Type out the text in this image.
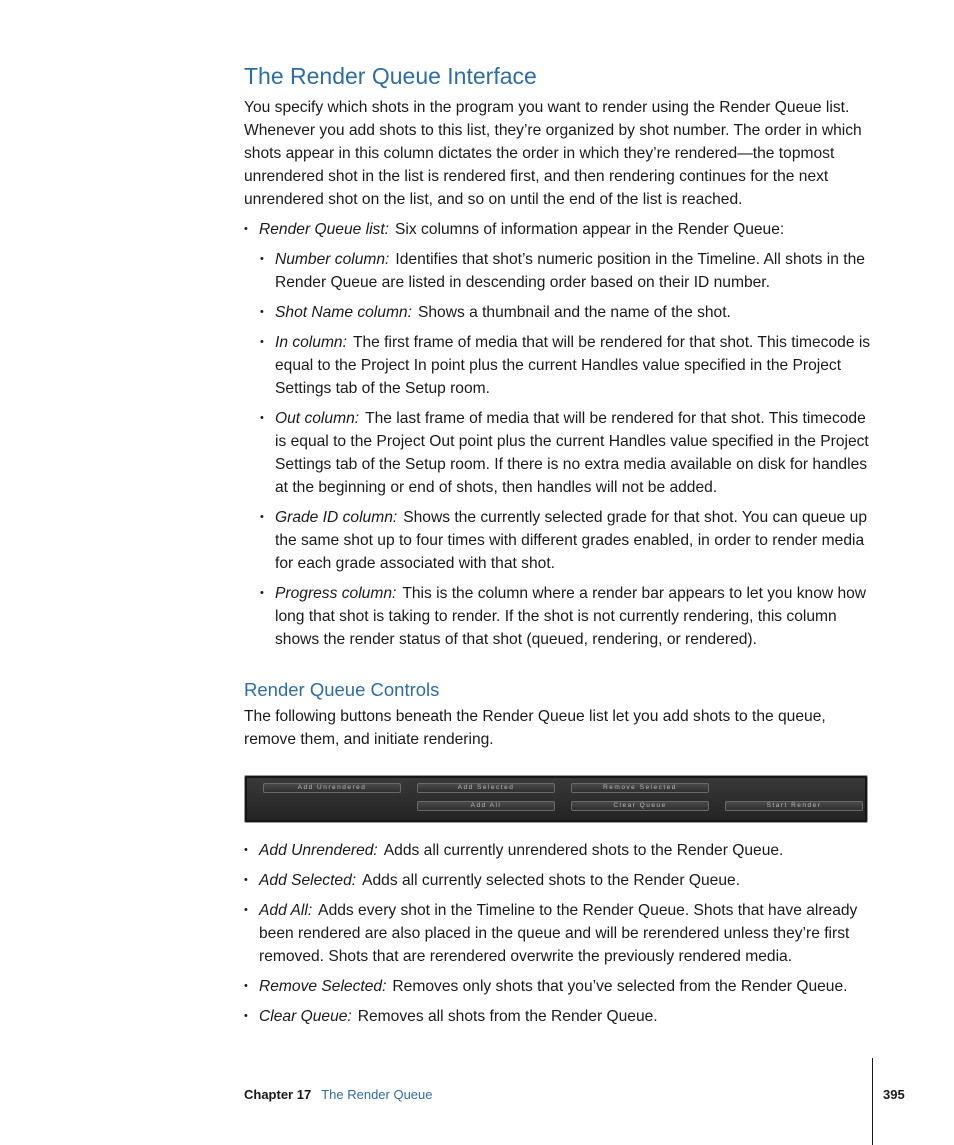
The Render Queue Interface

You specify which shots in the program you want to render using the Render Queue list. Whenever you add shots to this list, they’re organized by shot number. The order in which shots appear in this column dictates the order in which they’re rendered—the topmost unrendered shot in the list is rendered first, and then rendering continues for the next unrendered shot on the list, and so on until the end of the list is reached.

• Render Queue list: Six columns of information appear in the Render Queue:
• Number column: Identifies that shot’s numeric position in the Timeline. All shots in the Render Queue are listed in descending order based on their ID number.
• Shot Name column: Shows a thumbnail and the name of the shot.
• In column: The first frame of media that will be rendered for that shot. This timecode is equal to the Project In point plus the current Handles value specified in the Project Settings tab of the Setup room.
• Out column: The last frame of media that will be rendered for that shot. This timecode is equal to the Project Out point plus the current Handles value specified in the Project Settings tab of the Setup room. If there is no extra media available on disk for handles at the beginning or end of shots, then handles will not be added.
• Grade ID column: Shows the currently selected grade for that shot. You can queue up the same shot up to four times with different grades enabled, in order to render media for each grade associated with that shot.
• Progress column: This is the column where a render bar appears to let you know how long that shot is taking to render. If the shot is not currently rendering, this column shows the render status of that shot (queued, rendering, or rendered).
Render Queue Controls

The following buttons beneath the Render Queue list let you add shots to the queue, remove them, and initiate rendering.

Add Unrendered	Add Selected	Remove Selected
Add All	Clear Queue	Start Render
• Add Unrendered: Adds all currently unrendered shots to the Render Queue.
• Add Selected: Adds all currently selected shots to the Render Queue.
• Add All: Adds every shot in the Timeline to the Render Queue. Shots that have already been rendered are also placed in the queue and will be rerendered unless they’re first removed. Shots that are rerendered overwrite the previously rendered media.
• Remove Selected: Removes only shots that you’ve selected from the Render Queue.
• Clear Queue: Removes all shots from the Render Queue.
Chapter 17 The Render Queue	395
